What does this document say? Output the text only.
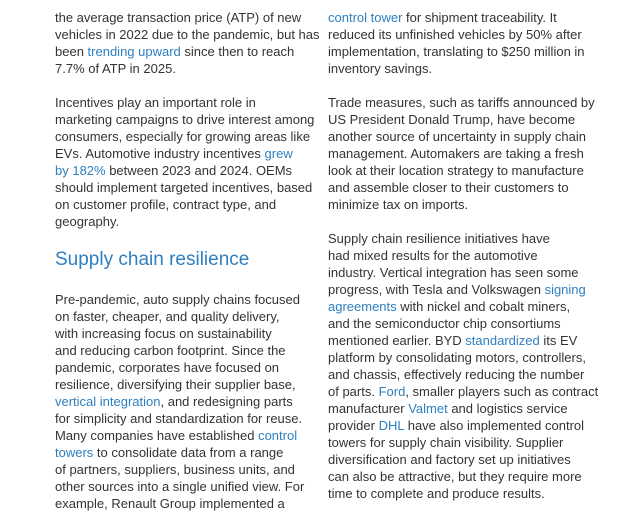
the average transaction price (ATP) of new
vehicles in 2022 due to the pandemic, but has
been trending upward since then to reach
7.7% of ATP in 2025.

Incentives play an important role in
marketing campaigns to drive interest among
consumers, especially for growing areas like
EVs. Automotive industry incentives grew
by 182% between 2023 and 2024. OEMs
should implement targeted incentives, based
on customer profile, contract type, and
geography.

Supply chain resilience

Pre-pandemic, auto supply chains focused
on faster, cheaper, and quality delivery,
with increasing focus on sustainability
and reducing carbon footprint. Since the
pandemic, corporates have focused on
resilience, diversifying their supplier base,
vertical integration, and redesigning parts
for simplicity and standardization for reuse.
Many companies have established control
towers to consolidate data from a range
of partners, suppliers, business units, and
other sources into a single unified view. For
example, Renault Group implemented a

control tower for shipment traceability. It
reduced its unfinished vehicles by 50% after
implementation, translating to $250 million in
inventory savings.

Trade measures, such as tariffs announced by
US President Donald Trump, have become
another source of uncertainty in supply chain
management. Automakers are taking a fresh
look at their location strategy to manufacture
and assemble closer to their customers to
minimize tax on imports.

Supply chain resilience initiatives have
had mixed results for the automotive
industry. Vertical integration has seen some
progress, with Tesla and Volkswagen signing
agreements with nickel and cobalt miners,
and the semiconductor chip consortiums
mentioned earlier. BYD standardized its EV
platform by consolidating motors, controllers,
and chassis, effectively reducing the number
of parts. Ford, smaller players such as contract
manufacturer Valmet and logistics service
provider DHL have also implemented control
towers for supply chain visibility. Supplier
diversification and factory set up initiatives
can also be attractive, but they require more
time to complete and produce results.
